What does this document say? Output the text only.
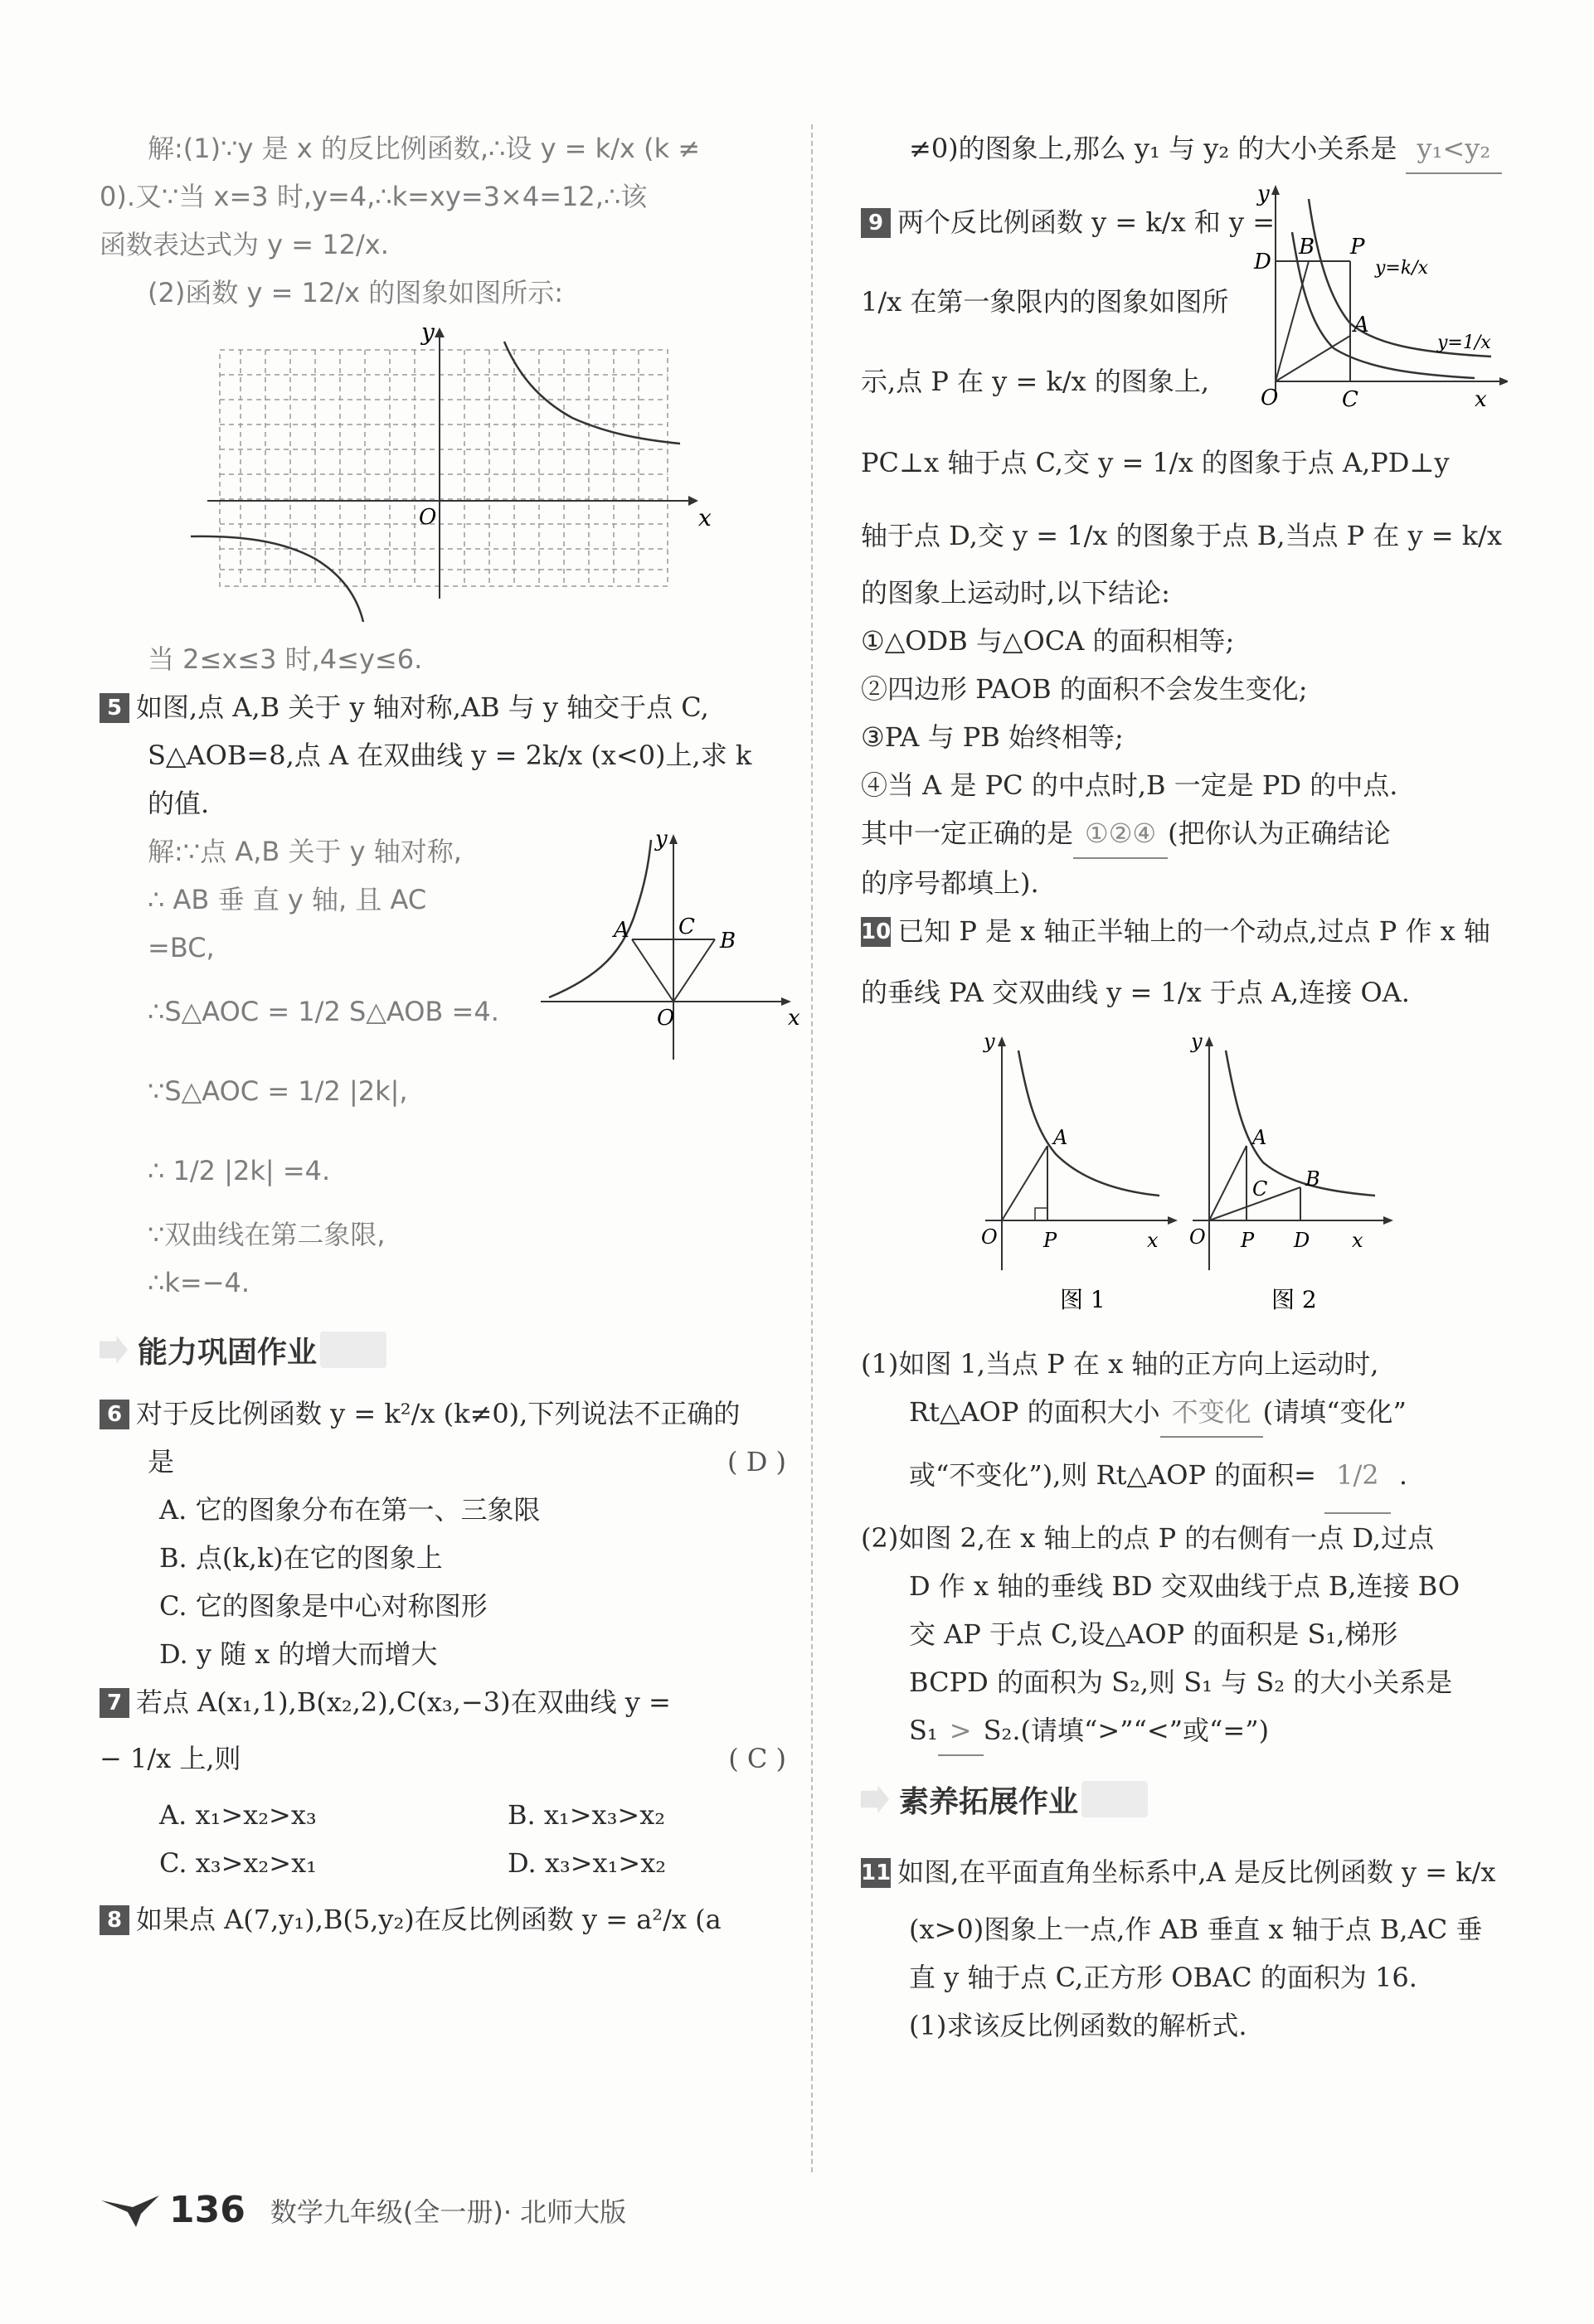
解:(1)∵y 是 x 的反比例函数,∴设 y = k/x (k ≠
0).又∵当 x=3 时,y=4,∴k=xy=3×4=12,∴该
函数表达式为 y = 12/x.
(2)函数 y = 12/x 的图象如图所示:
y
x
O
当 2≤x≤3 时,4≤y≤6.
5 如图,点 A,B 关于 y 轴对称,AB 与 y 轴交于点 C,
S△AOB=8,点 A 在双曲线 y = 2k/x (x<0)上,求 k
的值.
解:∵点 A,B 关于 y 轴对称,
∴ AB 垂 直 y 轴, 且 AC
=BC,
∴S△AOC = 1/2 S△AOB =4.
∵S△AOC = 1/2 |2k|,
∴ 1/2 |2k| =4.
∵双曲线在第二象限,
∴k=−4.
A C
B
O	x
y
能力巩固作业
6 对于反比例函数 y = k²/x (k≠0),下列说法不正确的
是	( D )
A. 它的图象分布在第一、三象限
B. 点(k,k)在它的图象上
C. 它的图象是中心对称图形
D. y 随 x 的增大而增大
7 若点 A(x₁,1),B(x₂,2),C(x₃,−3)在双曲线 y =
− 1/x 上,则	( C )
A. x₁>x₂>x₃	B. x₁>x₃>x₂
C. x₃>x₂>x₁	D. x₃>x₁>x₂
8 如果点 A(7,y₁),B(5,y₂)在反比例函数 y = a²/x (a
≠0)的图象上,那么 y₁ 与 y₂ 的大小关系是 y₁<y₂
9 两个反比例函数 y = k/x 和 y =
1/x 在第一象限内的图象如图所
示,点 P 在 y = k/x 的图象上,
y
D
B P
y=k/x
A
y=1/x
O	C	x
PC⊥x 轴于点 C,交 y = 1/x 的图象于点 A,PD⊥y
轴于点 D,交 y = 1/x 的图象于点 B,当点 P 在 y = k/x
的图象上运动时,以下结论:
①△ODB 与△OCA 的面积相等;
②四边形 PAOB 的面积不会发生变化;
③PA 与 PB 始终相等;
④当 A 是 PC 的中点时,B 一定是 PD 的中点.
其中一定正确的是 ①②④ (把你认为正确结论
的序号都填上).
10 已知 P 是 x 轴正半轴上的一个动点,过点 P 作 x 轴
的垂线 PA 交双曲线 y = 1/x 于点 A,连接 OA.
y
A
O P	x
图 1
y
A
C B
O P D x
图 2
(1)如图 1,当点 P 在 x 轴的正方向上运动时,
Rt△AOP 的面积大小 不变化 (请填“变化”
或“不变化”),则 Rt△AOP 的面积= 1/2 .
(2)如图 2,在 x 轴上的点 P 的右侧有一点 D,过点
D 作 x 轴的垂线 BD 交双曲线于点 B,连接 BO
交 AP 于点 C,设△AOP 的面积是 S₁,梯形
BCPD 的面积为 S₂,则 S₁ 与 S₂ 的大小关系是
S₁ > S₂.(请填“>”“<”或“=”)
素养拓展作业
11 如图,在平面直角坐标系中,A 是反比例函数 y = k/x
(x>0)图象上一点,作 AB 垂直 x 轴于点 B,AC 垂
直 y 轴于点 C,正方形 OBAC 的面积为 16.
(1)求该反比例函数的解析式.
136 数学九年级(全一册)· 北师大版
